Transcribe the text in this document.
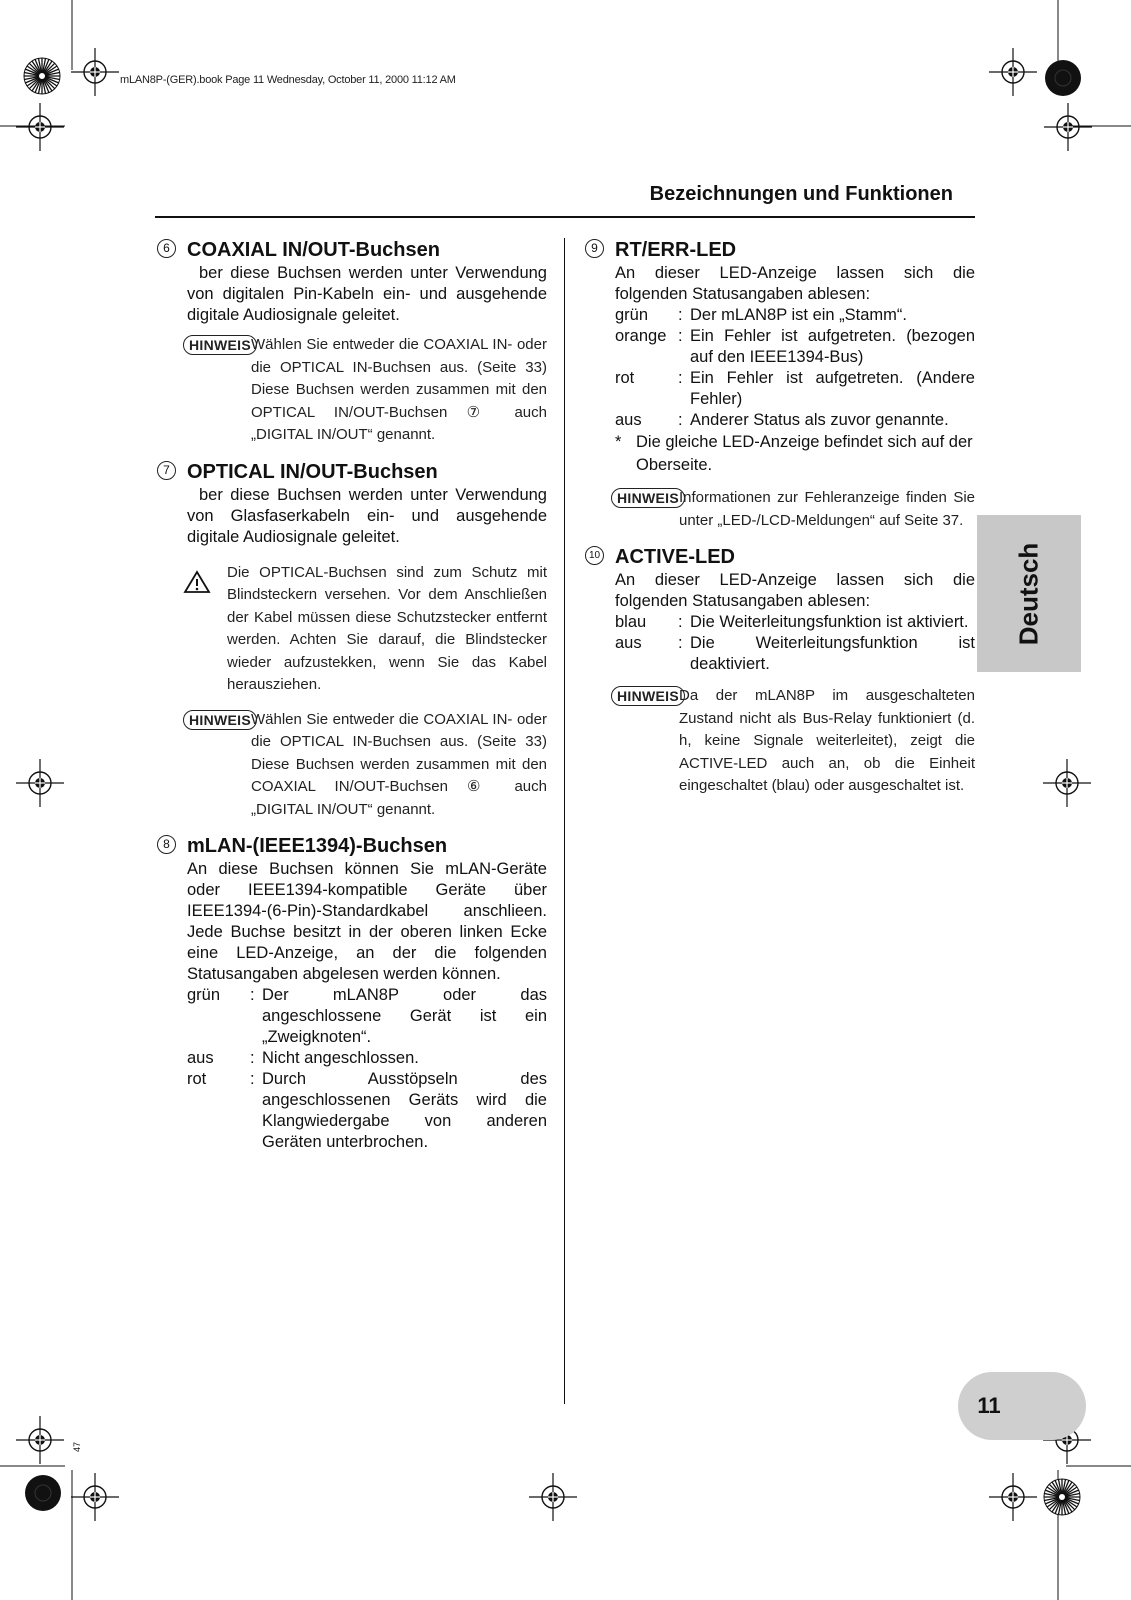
mLAN8P-(GER).book Page 11 Wednesday, October 11, 2000 11:12 AM
Bezeichnungen und Funktionen
6 COAXIAL IN/OUT-Buchsen
ber diese Buchsen werden unter Verwendung von digitalen Pin-Kabeln ein- und ausgehende digitale Audiosignale geleitet.
HINWEIS Wählen Sie entweder die COAXIAL IN- oder die OPTICAL IN-Buchsen aus. (Seite 33) Diese Buchsen werden zusammen mit den OPTICAL IN/OUT-Buchsen ⑦ auch „DIGITAL IN/OUT“ genannt.
7 OPTICAL IN/OUT-Buchsen
ber diese Buchsen werden unter Verwendung von Glasfaserkabeln ein- und ausgehende digitale Audiosignale geleitet.
Die OPTICAL-Buchsen sind zum Schutz mit Blindsteckern versehen. Vor dem Anschließen der Kabel müssen diese Schutzstecker entfernt werden. Achten Sie darauf, die Blindstecker wieder aufzustekken, wenn Sie das Kabel herausziehen.
HINWEIS Wählen Sie entweder die COAXIAL IN- oder die OPTICAL IN-Buchsen aus. (Seite 33) Diese Buchsen werden zusammen mit den COAXIAL IN/OUT-Buchsen ⑥ auch „DIGITAL IN/OUT“ genannt.
8 mLAN-(IEEE1394)-Buchsen
An diese Buchsen können Sie mLAN-Geräte oder IEEE1394-kompatible Geräte über IEEE1394-(6-Pin)-Standardkabel anschlieen. Jede Buchse besitzt in der oberen linken Ecke eine LED-Anzeige, an der die folgenden Statusangaben abgelesen werden können.
grün	:	Der mLAN8P oder das angeschlossene Gerät ist ein „Zweigknoten“.
aus	:	Nicht angeschlossen.
rot	:	Durch Ausstöpseln des angeschlossenen Geräts wird die Klangwiedergabe von anderen Geräten unterbrochen.
9 RT/ERR-LED
An dieser LED-Anzeige lassen sich die folgenden Statusangaben ablesen:
grün	:	Der mLAN8P ist ein „Stamm“.
orange	:	Ein Fehler ist aufgetreten. (bezogen auf den IEEE1394-Bus)
rot	:	Ein Fehler ist aufgetreten. (Andere Fehler)
aus	:	Anderer Status als zuvor genannte.
* Die gleiche LED-Anzeige befindet sich auf der Oberseite.
HINWEIS Informationen zur Fehleranzeige finden Sie unter „LED-/LCD-Meldungen“ auf Seite 37.
10 ACTIVE-LED
An dieser LED-Anzeige lassen sich die folgenden Statusangaben ablesen:
blau	:	Die Weiterleitungsfunktion ist aktiviert.
aus	:	Die Weiterleitungsfunktion ist deaktiviert.
HINWEIS Da der mLAN8P im ausgeschalteten Zustand nicht als Bus-Relay funktioniert (d. h, keine Signale weiterleitet), zeigt die ACTIVE-LED auch an, ob die Einheit eingeschaltet (blau) oder ausgeschaltet ist.
Deutsch
11
47
